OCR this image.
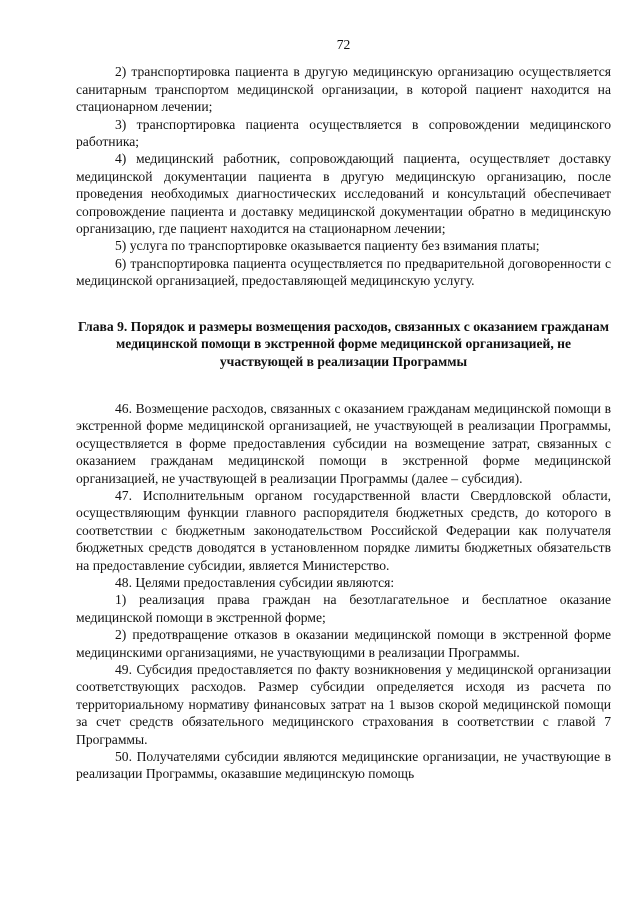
72

2) транспортировка пациента в другую медицинскую организацию осуществляется санитарным транспортом медицинской организации, в которой пациент находится на стационарном лечении;

3) транспортировка пациента осуществляется в сопровождении медицинского работника;

4) медицинский работник, сопровождающий пациента, осуществляет доставку медицинской документации пациента в другую медицинскую организацию, после проведения необходимых диагностических исследований и консультаций обеспечивает сопровождение пациента и доставку медицинской документации обратно в медицинскую организацию, где пациент находится на стационарном лечении;

5) услуга по транспортировке оказывается пациенту без взимания платы;

6) транспортировка пациента осуществляется по предварительной договоренности с медицинской организацией, предоставляющей медицинскую услугу.

Глава 9. Порядок и размеры возмещения расходов, связанных с оказанием гражданам медицинской помощи в экстренной форме медицинской организацией, не участвующей в реализации Программы

46. Возмещение расходов, связанных с оказанием гражданам медицинской помощи в экстренной форме медицинской организацией, не участвующей в реализации Программы, осуществляется в форме предоставления субсидии на возмещение затрат, связанных с оказанием гражданам медицинской помощи в экстренной форме медицинской организацией, не участвующей в реализации Программы (далее – субсидия).

47. Исполнительным органом государственной власти Свердловской области, осуществляющим функции главного распорядителя бюджетных средств, до которого в соответствии с бюджетным законодательством Российской Федерации как получателя бюджетных средств доводятся в установленном порядке лимиты бюджетных обязательств на предоставление субсидии, является Министерство.

48. Целями предоставления субсидии являются:

1) реализация права граждан на безотлагательное и бесплатное оказание медицинской помощи в экстренной форме;

2) предотвращение отказов в оказании медицинской помощи в экстренной форме медицинскими организациями, не участвующими в реализации Программы.

49. Субсидия предоставляется по факту возникновения у медицинской организации соответствующих расходов. Размер субсидии определяется исходя из расчета по территориальному нормативу финансовых затрат на 1 вызов скорой медицинской помощи за счет средств обязательного медицинского страхования в соответствии с главой 7 Программы.

50. Получателями субсидии являются медицинские организации, не участвующие в реализации Программы, оказавшие медицинскую помощь
